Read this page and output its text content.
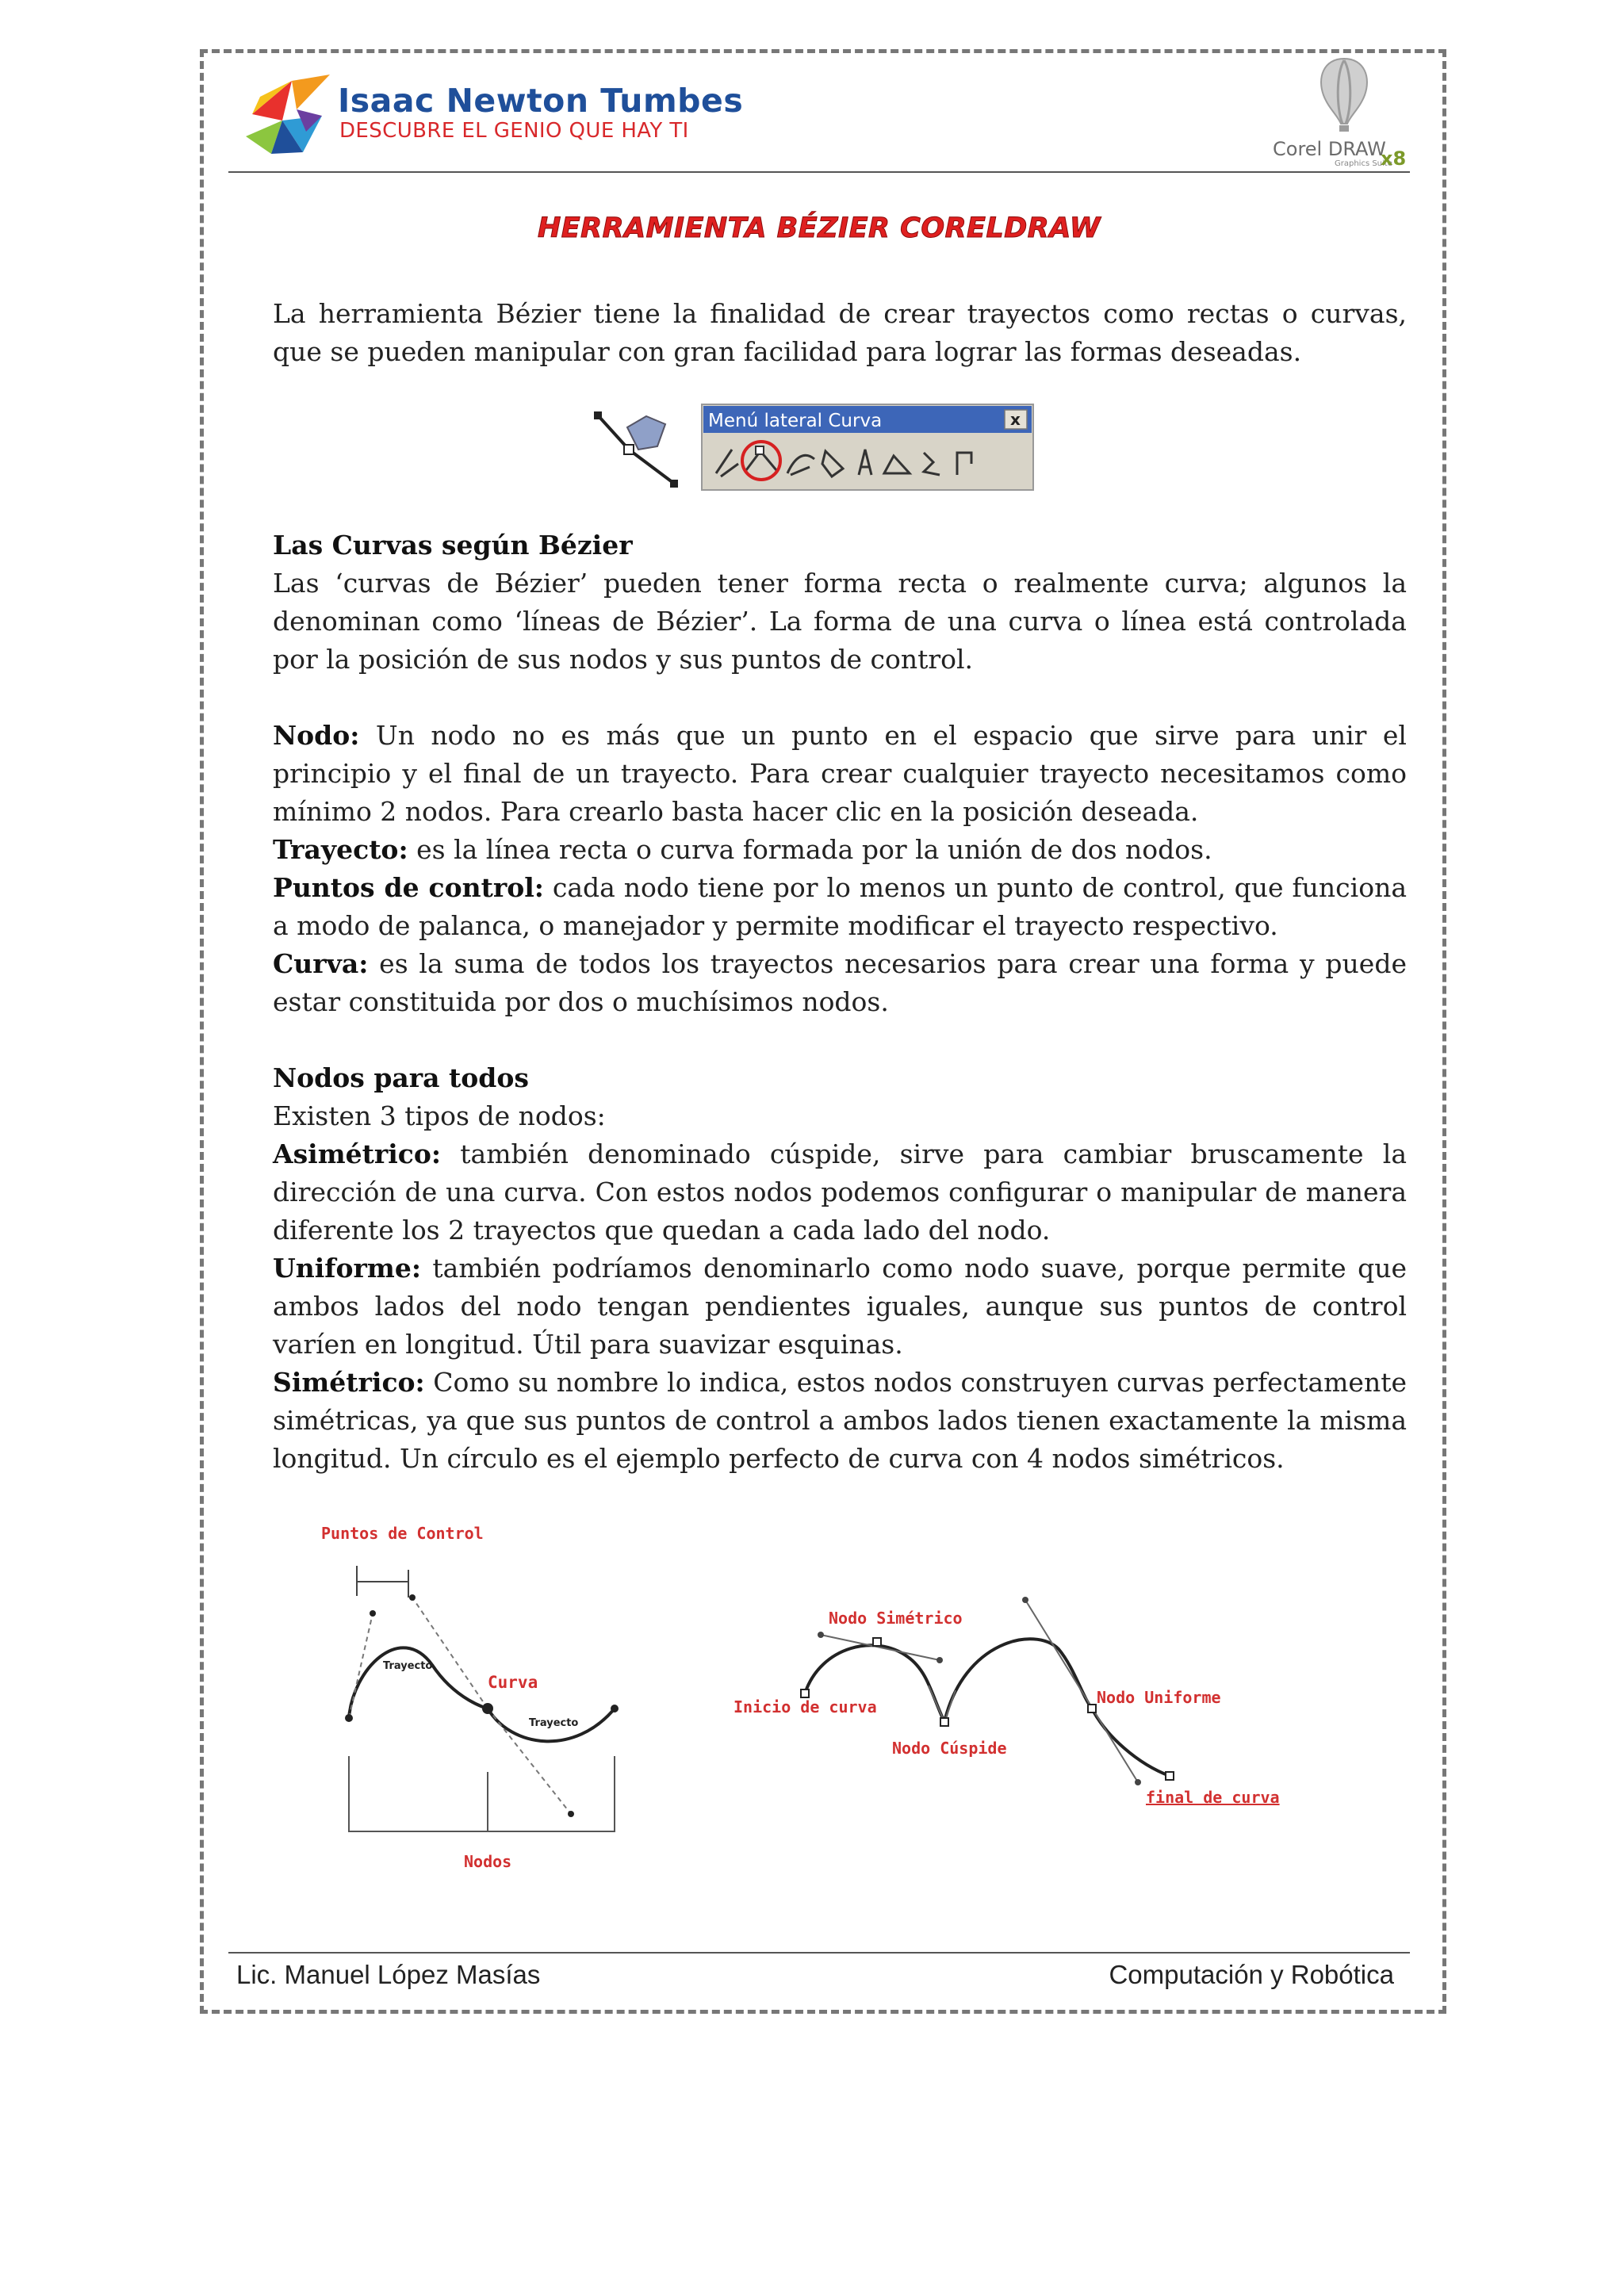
Isaac Newton Tumbes
DESCUBRE EL GENIO QUE HAY TI
Corel DRAW
Graphics Suite
x8
HERRAMIENTA BÉZIER CORELDRAW

La herramienta Bézier tiene la finalidad de crear trayectos como rectas o curvas, que se pueden manipular con gran facilidad para lograr las formas deseadas.

Menú lateral Curva	x

Las Curvas según Bézier
Las ‘curvas de Bézier’ pueden tener forma recta o realmente curva; algunos la denominan como ‘líneas de Bézier’. La forma de una curva o línea está controlada por la posición de sus nodos y sus puntos de control.

Nodo: Un nodo no es más que un punto en el espacio que sirve para unir el principio y el final de un trayecto. Para crear cualquier trayecto necesitamos como mínimo 2 nodos. Para crearlo basta hacer clic en la posición deseada.
Trayecto: es la línea recta o curva formada por la unión de dos nodos.
Puntos de control: cada nodo tiene por lo menos un punto de control, que funciona a modo de palanca, o manejador y permite modificar el trayecto respectivo.
Curva: es la suma de todos los trayectos necesarios para crear una forma y puede estar constituida por dos o muchísimos nodos.

Nodos para todos
Existen 3 tipos de nodos:
Asimétrico: también denominado cúspide, sirve para cambiar bruscamente la dirección de una curva. Con estos nodos podemos configurar o manipular de manera diferente los 2 trayectos que quedan a cada lado del nodo.
Uniforme: también podríamos denominarlo como nodo suave, porque permite que ambos lados del nodo tengan pendientes iguales, aunque sus puntos de control varíen en longitud. Útil para suavizar esquinas.
Simétrico: Como su nombre lo indica, estos nodos construyen curvas perfectamente simétricas, ya que sus puntos de control a ambos lados tienen exactamente la misma longitud. Un círculo es el ejemplo perfecto de curva con 4 nodos simétricos.

Puntos de Control
Curva
Nodos
Trayecto
Trayecto
Nodo Simétrico
Inicio de curva
Nodo Cúspide
Nodo Uniforme
final de curva
Lic. Manuel López Masías	Computación y Robótica
